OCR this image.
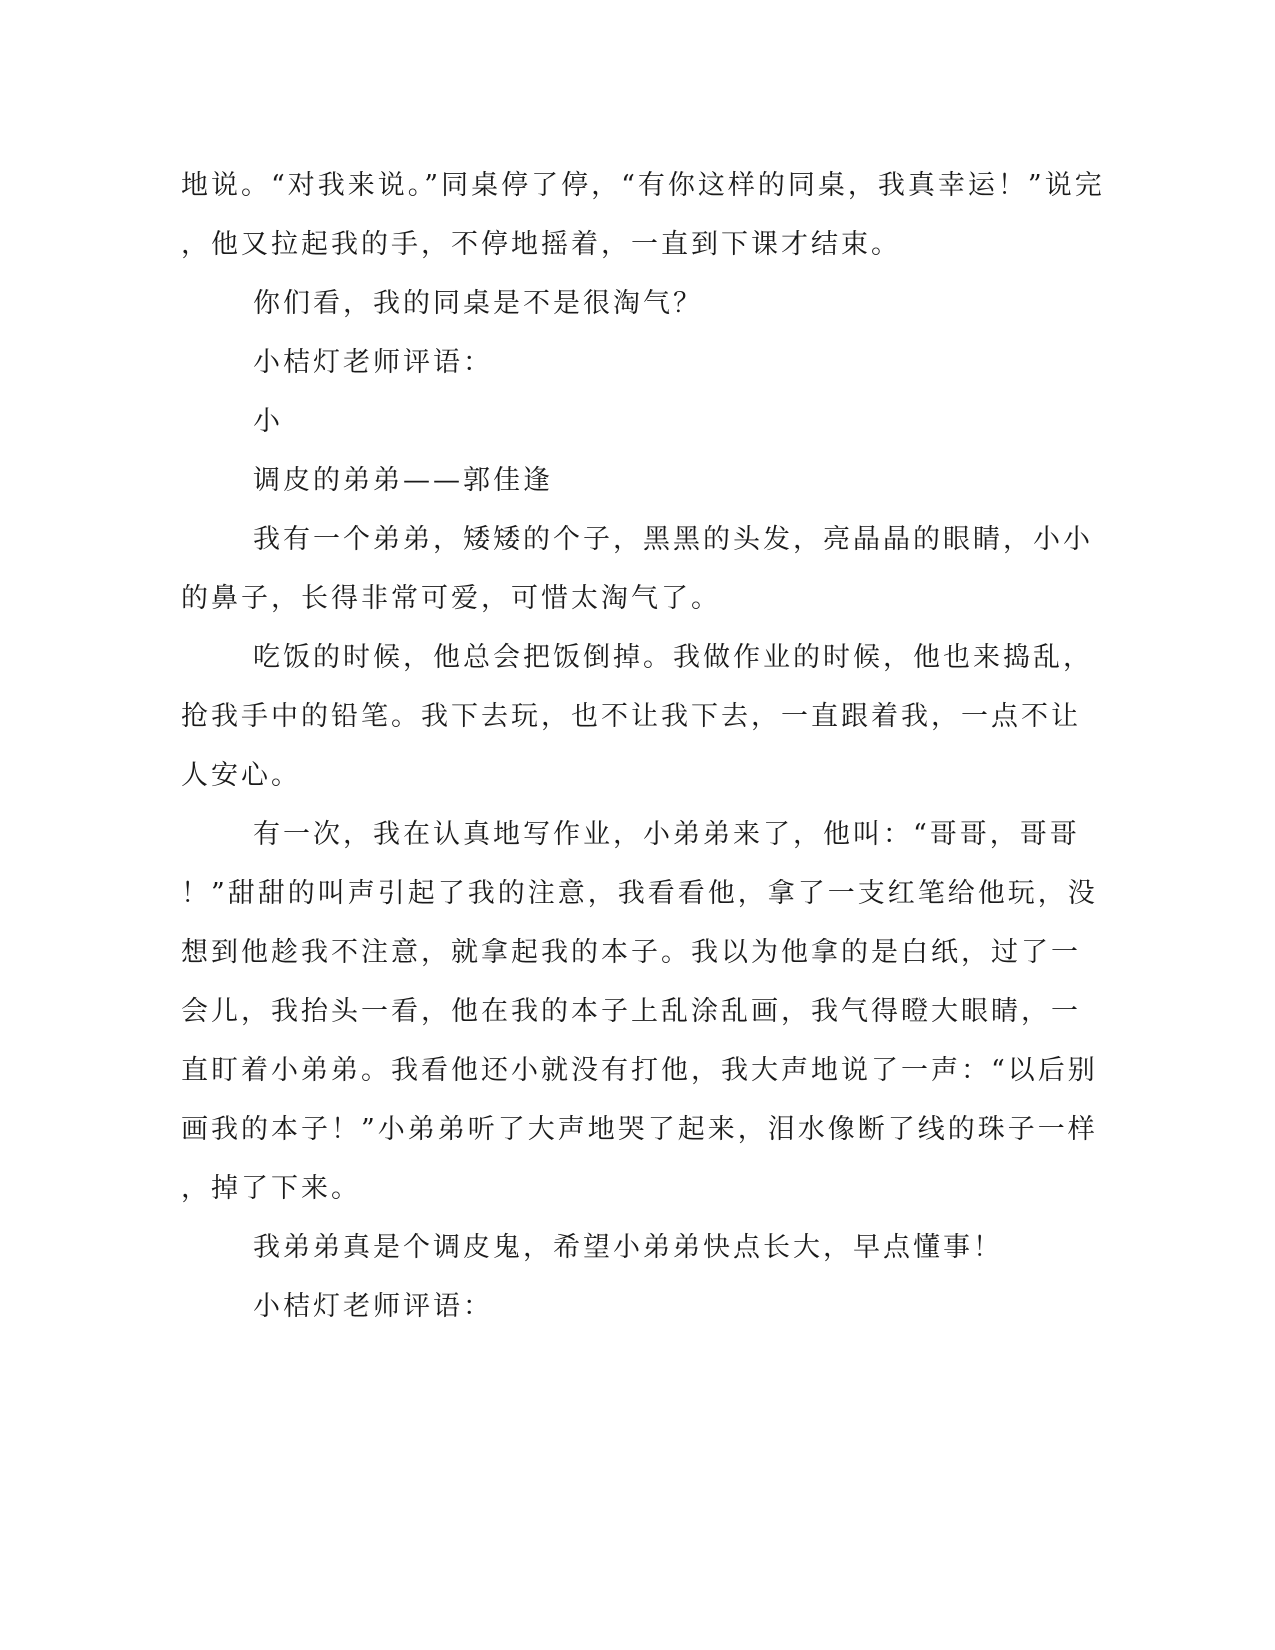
地说。“对我来说。”同桌停了停，“有你这样的同桌，我真幸运！”说完
，他又拉起我的手，不停地摇着，一直到下课才结束。
你们看，我的同桌是不是很淘气？
小桔灯老师评语：
小
调皮的弟弟——郭佳逢
我有一个弟弟，矮矮的个子，黑黑的头发，亮晶晶的眼睛，小小
的鼻子，长得非常可爱，可惜太淘气了。
吃饭的时候，他总会把饭倒掉。我做作业的时候，他也来捣乱，
抢我手中的铅笔。我下去玩，也不让我下去，一直跟着我，一点不让
人安心。
有一次，我在认真地写作业，小弟弟来了，他叫：“哥哥，哥哥
！”甜甜的叫声引起了我的注意，我看看他，拿了一支红笔给他玩，没
想到他趁我不注意，就拿起我的本子。我以为他拿的是白纸，过了一
会儿，我抬头一看，他在我的本子上乱涂乱画，我气得瞪大眼睛，一
直盯着小弟弟。我看他还小就没有打他，我大声地说了一声：“以后别
画我的本子！”小弟弟听了大声地哭了起来，泪水像断了线的珠子一样
，掉了下来。
我弟弟真是个调皮鬼，希望小弟弟快点长大，早点懂事！
小桔灯老师评语：
